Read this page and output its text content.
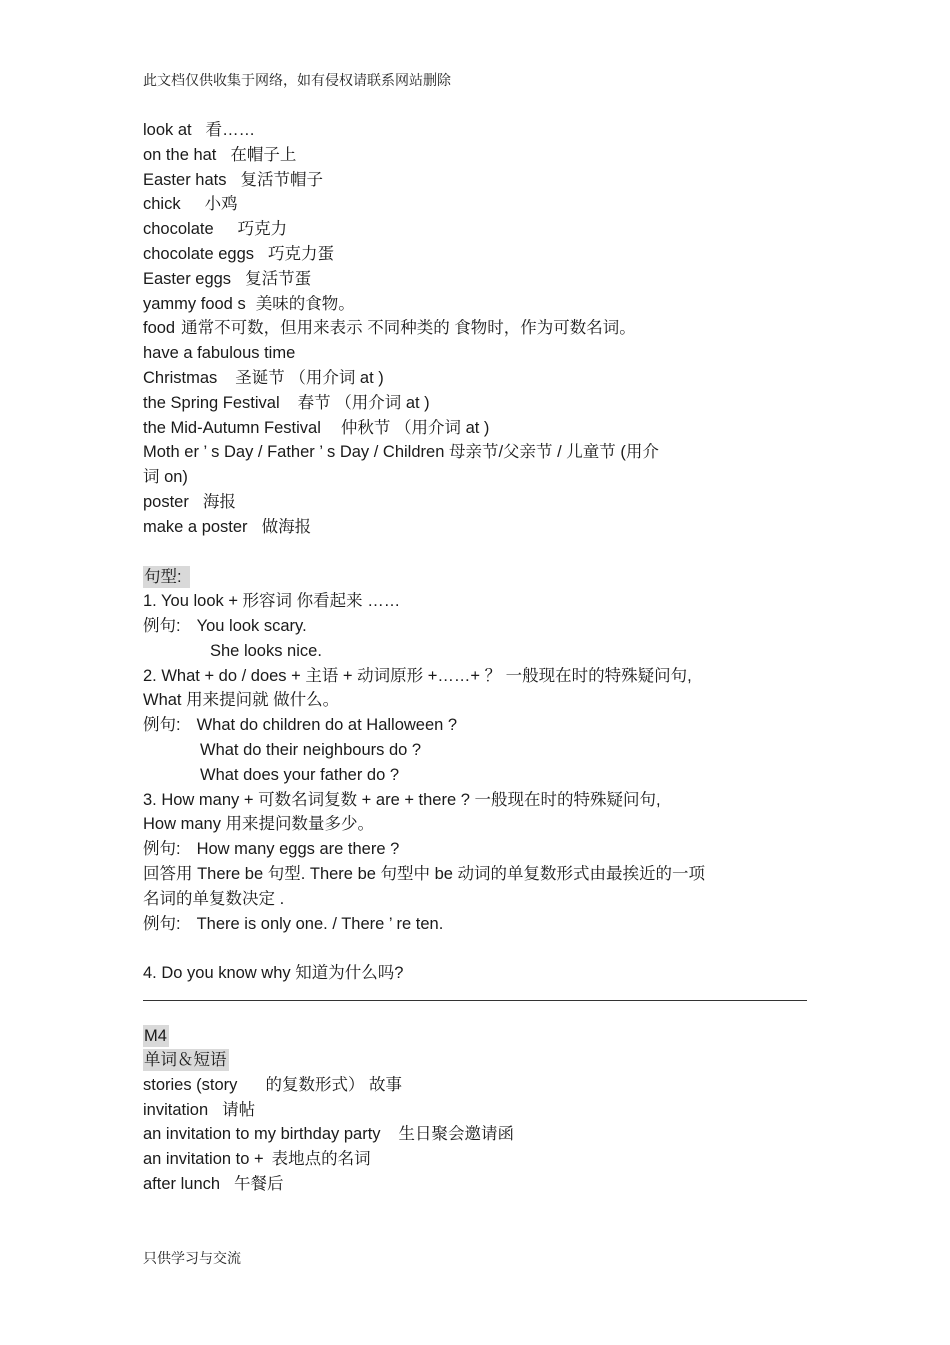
此文档仅供收集于网络，如有侵权请联系网站删除
look at 看……
on the hat 在帽子上
Easter hats 复活节帽子
chick 小鸡
chocolate 巧克力
chocolate eggs 巧克力蛋
Easter eggs 复活节蛋
yammy food s 美味的食物。
food 通常不可数，但用来表示 不同种类的 食物时，作为可数名词。
have a fabulous time
Christmas 圣诞节 （用介词 at )
the Spring Festival 春节 （用介词 at )
the Mid-Autumn Festival 仲秋节 （用介词 at )
Moth er ’ s Day / Father ’ s Day / Children 母亲节/父亲节 / 儿童节 (用介
词 on)
poster 海报
make a poster 做海报
句型:
1. You look + 形容词 你看起来 ……
例句: You look scary.
She looks nice.
2. What + do / does + 主语 + 动词原形 +……+ ？ 一般现在时的特殊疑问句,
What 用来提问就 做什么。
例句: What do children do at Halloween ?
What do their neighbours do ?
What does your father do ?
3. How many + 可数名词复数 + are + there ? 一般现在时的特殊疑问句,
How many 用来提问数量多少。
例句: How many eggs are there ?
回答用 There be 句型. There be 句型中 be 动词的单复数形式由最挨近的一项
名词的单复数决定 .
例句: There is only one. / There ’ re ten.
4. Do you know why 知道为什么吗?
M4
单词＆短语
stories (story 的复数形式） 故事
invitation 请帖
an invitation to my birthday party 生日聚会邀请函
an invitation to + 表地点的名词
after lunch 午餐后
只供学习与交流
